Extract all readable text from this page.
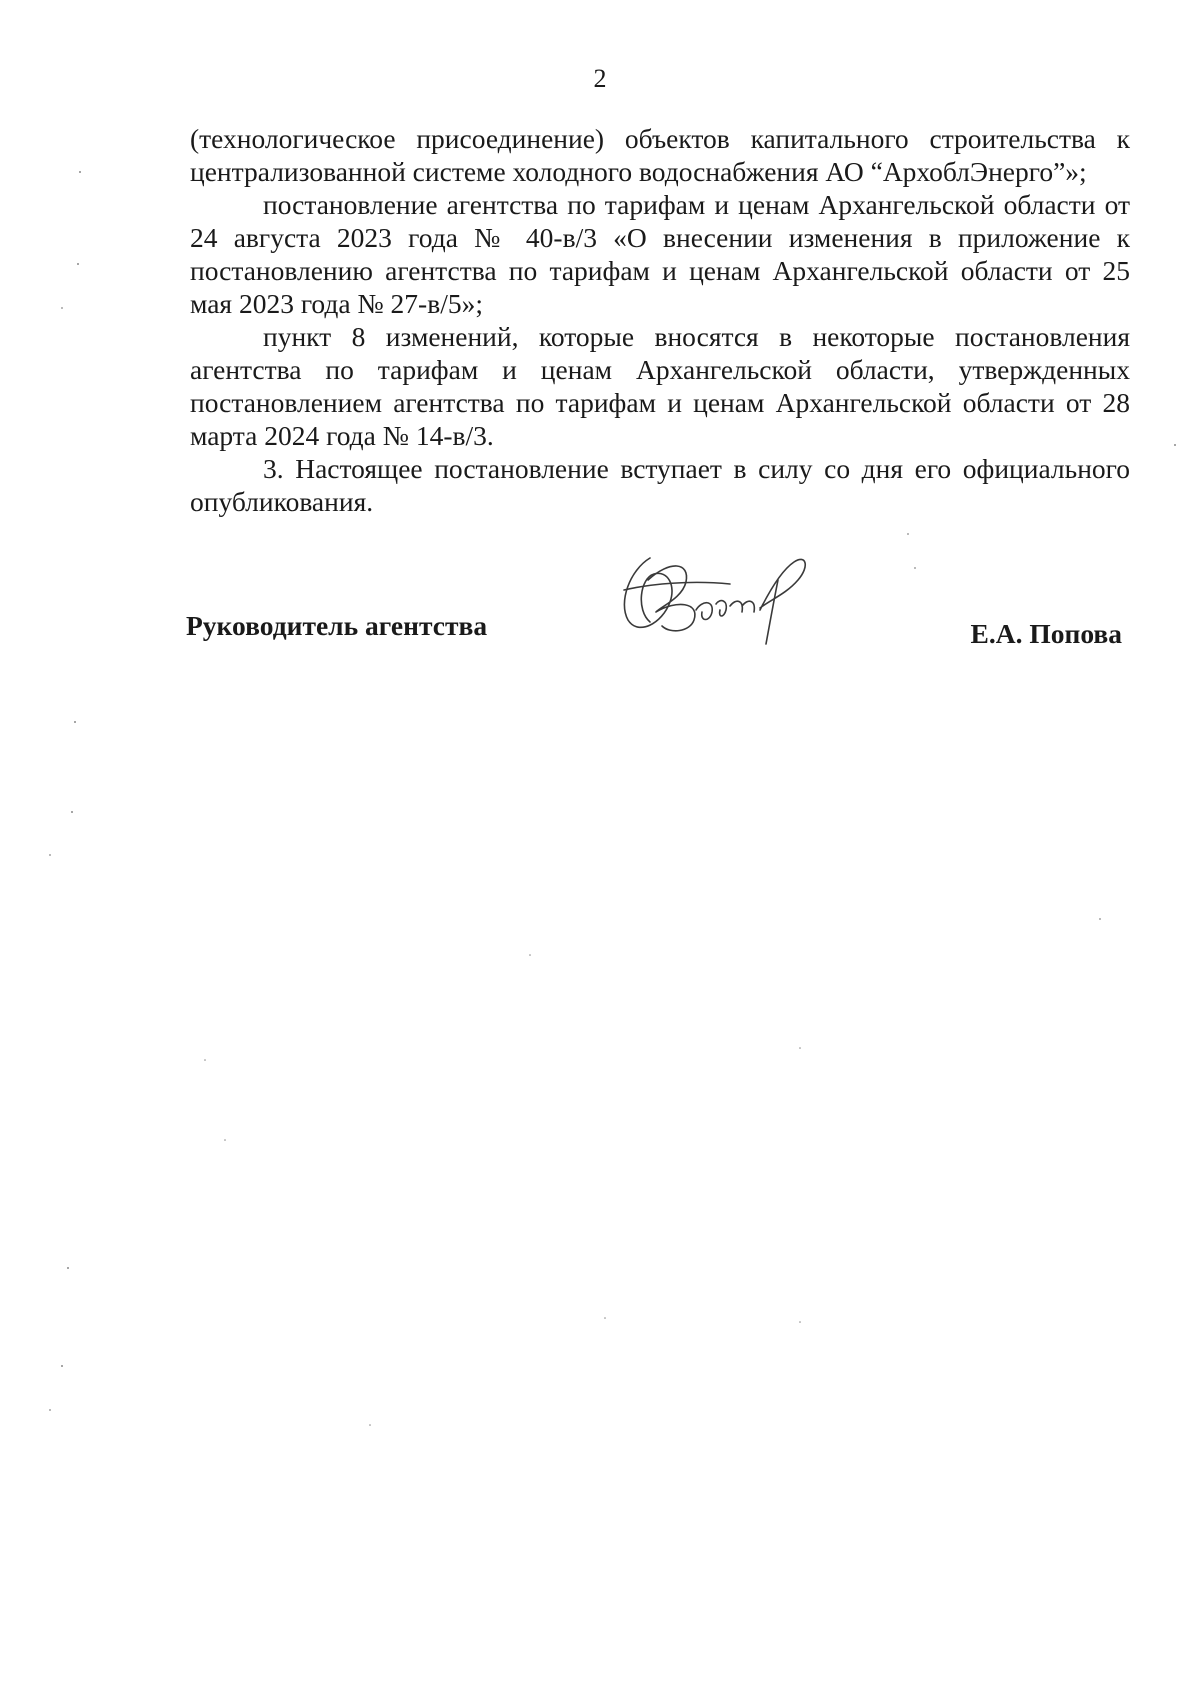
2

(технологическое присоединение) объектов капитального строительства к централизованной системе холодного водоснабжения АО “АрхоблЭнерго”»;

постановление агентства по тарифам и ценам Архангельской области от 24 августа 2023 года № 40-в/3 «О внесении изменения в приложение к постановлению агентства по тарифам и ценам Архангельской области от 25 мая 2023 года № 27-в/5»;

пункт 8 изменений, которые вносятся в некоторые постановления агентства по тарифам и ценам Архангельской области, утвержденных постановлением агентства по тарифам и ценам Архангельской области от 28 марта 2024 года № 14-в/3.

3. Настоящее постановление вступает в силу со дня его официального опубликования.

Руководитель агентства	Е.А. Попова
